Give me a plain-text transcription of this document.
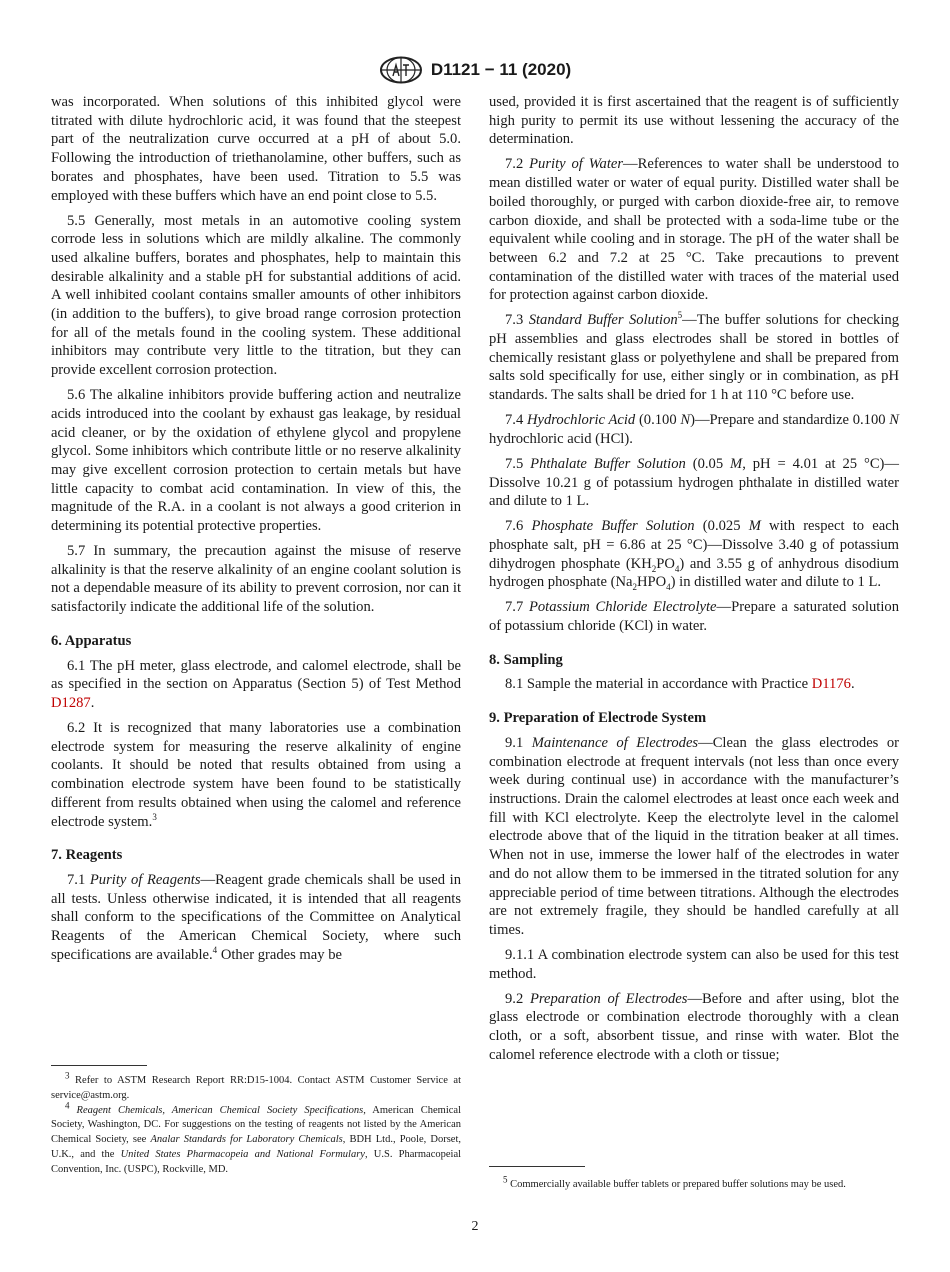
D1121 − 11 (2020)

was incorporated. When solutions of this inhibited glycol were titrated with dilute hydrochloric acid, it was found that the steepest part of the neutralization curve occurred at a pH of about 5.0. Following the introduction of triethanolamine, other buffers, such as borates and phosphates, have been used. Titration to 5.5 was employed with these buffers which have an end point close to 5.5.

5.5 Generally, most metals in an automotive cooling system corrode less in solutions which are mildly alkaline. The commonly used alkaline buffers, borates and phosphates, help to maintain this desirable alkalinity and a stable pH for substantial additions of acid. A well inhibited coolant contains smaller amounts of other inhibitors (in addition to the buffers), to give broad range corrosion protection for all of the metals found in the cooling system. These additional inhibitors may contribute very little to the titration, but they can provide excellent corrosion protection.

5.6 The alkaline inhibitors provide buffering action and neutralize acids introduced into the coolant by exhaust gas leakage, by residual acid cleaner, or by the oxidation of ethylene glycol and propylene glycol. Some inhibitors which contribute little or no reserve alkalinity may give excellent corrosion protection to certain metals but have little capacity to combat acid contamination. In view of this, the magnitude of the R.A. in a coolant is not always a good criterion in determining its potential protective properties.

5.7 In summary, the precaution against the misuse of reserve alkalinity is that the reserve alkalinity of an engine coolant solution is not a dependable measure of its ability to prevent corrosion, nor can it satisfactorily indicate the additional life of the solution.

6. Apparatus

6.1 The pH meter, glass electrode, and calomel electrode, shall be as specified in the section on Apparatus (Section 5) of Test Method D1287.

6.2 It is recognized that many laboratories use a combination electrode system for measuring the reserve alkalinity of engine coolants. It should be noted that results obtained from using a combination electrode system have been found to be statistically different from results obtained when using the calomel and reference electrode system.$^3$

7. Reagents

7.1 Purity of Reagents—Reagent grade chemicals shall be used in all tests. Unless otherwise indicated, it is intended that all reagents shall conform to the specifications of the Committee on Analytical Reagents of the American Chemical Society, where such specifications are available.$^4$ Other grades may be

$^3$ Refer to ASTM Research Report RR:D15-1004. Contact ASTM Customer Service at service@astm.org.

$^4$ Reagent Chemicals, American Chemical Society Specifications, American Chemical Society, Washington, DC. For suggestions on the testing of reagents not listed by the American Chemical Society, see Analar Standards for Laboratory Chemicals, BDH Ltd., Poole, Dorset, U.K., and the United States Pharmacopeia and National Formulary, U.S. Pharmacopeial Convention, Inc. (USPC), Rockville, MD.

used, provided it is first ascertained that the reagent is of sufficiently high purity to permit its use without lessening the accuracy of the determination.

7.2 Purity of Water—References to water shall be understood to mean distilled water or water of equal purity. Distilled water shall be boiled thoroughly, or purged with carbon dioxide-free air, to remove carbon dioxide, and shall be protected with a soda-lime tube or the equivalent while cooling and in storage. The pH of the water shall be between 6.2 and 7.2 at 25 °C. Take precautions to prevent contamination of the distilled water with traces of the material used for protection against carbon dioxide.

7.3 Standard Buffer Solution$^5$—The buffer solutions for checking pH assemblies and glass electrodes shall be stored in bottles of chemically resistant glass or polyethylene and shall be prepared from salts sold specifically for use, either singly or in combination, as pH standards. The salts shall be dried for 1 h at 110 °C before use.

7.4 Hydrochloric Acid (0.100 N)—Prepare and standardize 0.100 N hydrochloric acid (HCl).

7.5 Phthalate Buffer Solution (0.05 M, pH = 4.01 at 25 °C)—Dissolve 10.21 g of potassium hydrogen phthalate in distilled water and dilute to 1 L.

7.6 Phosphate Buffer Solution (0.025 M with respect to each phosphate salt, pH = 6.86 at 25 °C)—Dissolve 3.40 g of potassium dihydrogen phosphate $(KH_2PO_4)$ and 3.55 g of anhydrous disodium hydrogen phosphate $(Na_2HPO_4)$ in distilled water and dilute to 1 L.

7.7 Potassium Chloride Electrolyte—Prepare a saturated solution of potassium chloride (KCl) in water.

8. Sampling

8.1 Sample the material in accordance with Practice D1176.

9. Preparation of Electrode System

9.1 Maintenance of Electrodes—Clean the glass electrodes or combination electrode at frequent intervals (not less than once every week during continual use) in accordance with the manufacturer’s instructions. Drain the calomel electrodes at least once each week and fill with KCl electrolyte. Keep the electrolyte level in the calomel electrode above that of the liquid in the titration beaker at all times. When not in use, immerse the lower half of the electrodes in water and do not allow them to be immersed in the titrated solution for any appreciable period of time between titrations. Although the electrodes are not extremely fragile, they should be handled carefully at all times.

9.1.1 A combination electrode system can also be used for this test method.

9.2 Preparation of Electrodes—Before and after using, blot the glass electrode or combination electrode thoroughly with a clean cloth, or a soft, absorbent tissue, and rinse with water. Blot the calomel reference electrode with a cloth or tissue;

$^5$ Commercially available buffer tablets or prepared buffer solutions may be used.

2
